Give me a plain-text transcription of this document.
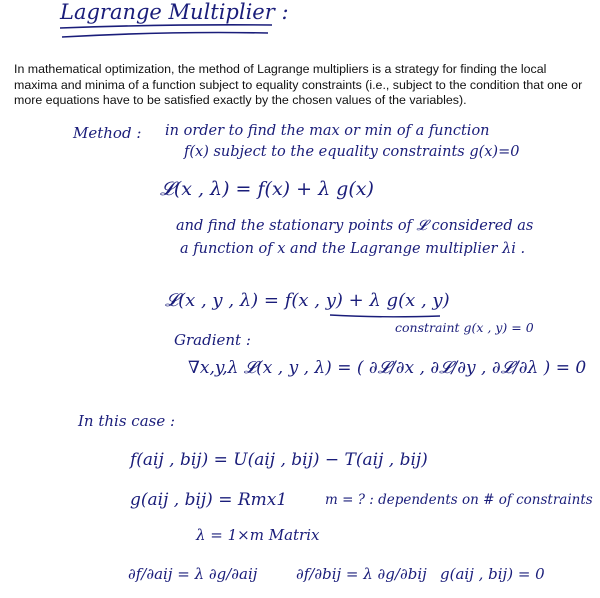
Lagrange Multiplier :
In mathematical optimization, the method of Lagrange multipliers is a strategy for finding the local maxima and minima of a function subject to equality constraints (i.e., subject to the condition that one or more equations have to be satisfied exactly by the chosen values of the variables).
Method : in order to find the max or min of a function
f(x) subject to the equality constraints g(x)=0
𝓛(x , λ) = f(x) + λ g(x)
and find the stationary points of 𝓛 considered as
a function of x and the Lagrange multiplier λi .
𝓛(x , y , λ) = f(x , y) + λ g(x , y)
constraint g(x , y) = 0
Gradient :
∇x,y,λ 𝓛(x , y , λ) = ( ∂𝓛/∂x , ∂𝓛/∂y , ∂𝓛/∂λ ) = 0
In this case :
f(aij , bij) = U(aij , bij) − T(aij , bij)
g(aij , bij) = Rmx1	m = ? : dependents on # of constraints
λ = 1×m Matrix
∂f/∂aij = λ ∂g/∂aij	∂f/∂bij = λ ∂g/∂bij g(aij , bij) = 0
